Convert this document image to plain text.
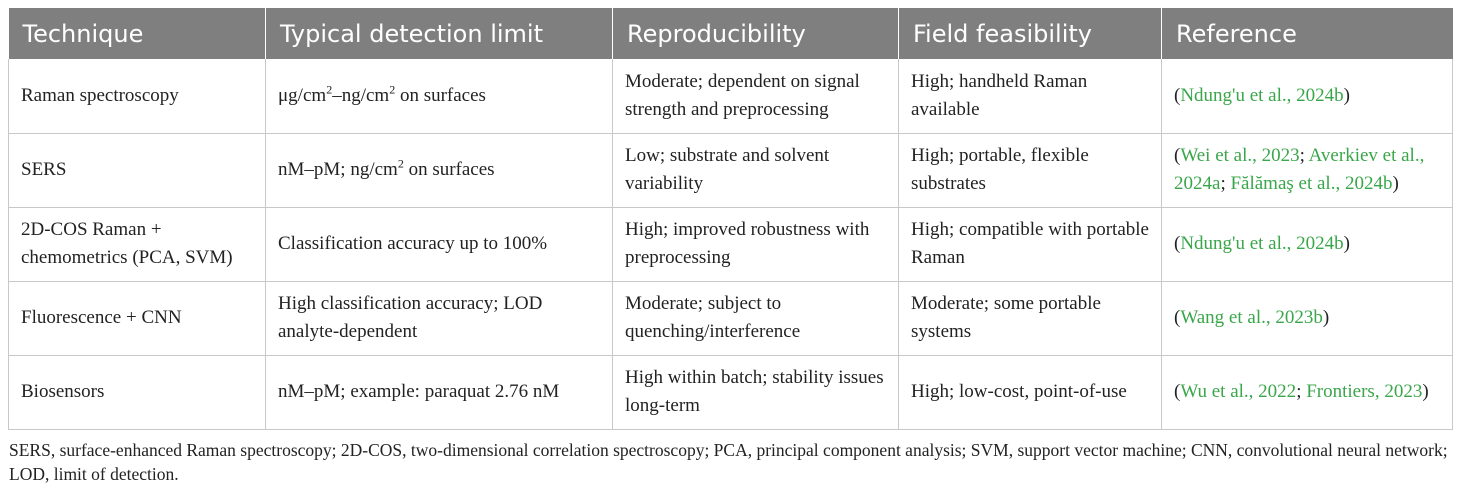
Technique	Typical detection limit	Reproducibility	Field feasibility	Reference
Raman spectroscopy	$\mu g/cm^2-ng/cm^2$ on surfaces	Moderate; dependent on signal strength and preprocessing	High; handheld Raman available	(Ndung'u et al., 2024b)
SERS	nM–pM; $ng/cm^2$ on surfaces	Low; substrate and solvent variability	High; portable, flexible substrates	(Wei et al., 2023; Averkiev et al., 2024a; Fălămaş et al., 2024b)
2D-COS Raman + chemometrics (PCA, SVM)	Classification accuracy up to 100%	High; improved robustness with preprocessing	High; compatible with portable Raman	(Ndung'u et al., 2024b)
Fluorescence + CNN	High classification accuracy; LOD analyte-dependent	Moderate; subject to quenching/interference	Moderate; some portable systems	(Wang et al., 2023b)
Biosensors	nM–pM; example: paraquat 2.76 nM	High within batch; stability issues long-term	High; low-cost, point-of-use	(Wu et al., 2022; Frontiers, 2023)
SERS, surface-enhanced Raman spectroscopy; 2D-COS, two-dimensional correlation spectroscopy; PCA, principal component analysis; SVM, support vector machine; CNN, convolutional neural network; LOD, limit of detection.
